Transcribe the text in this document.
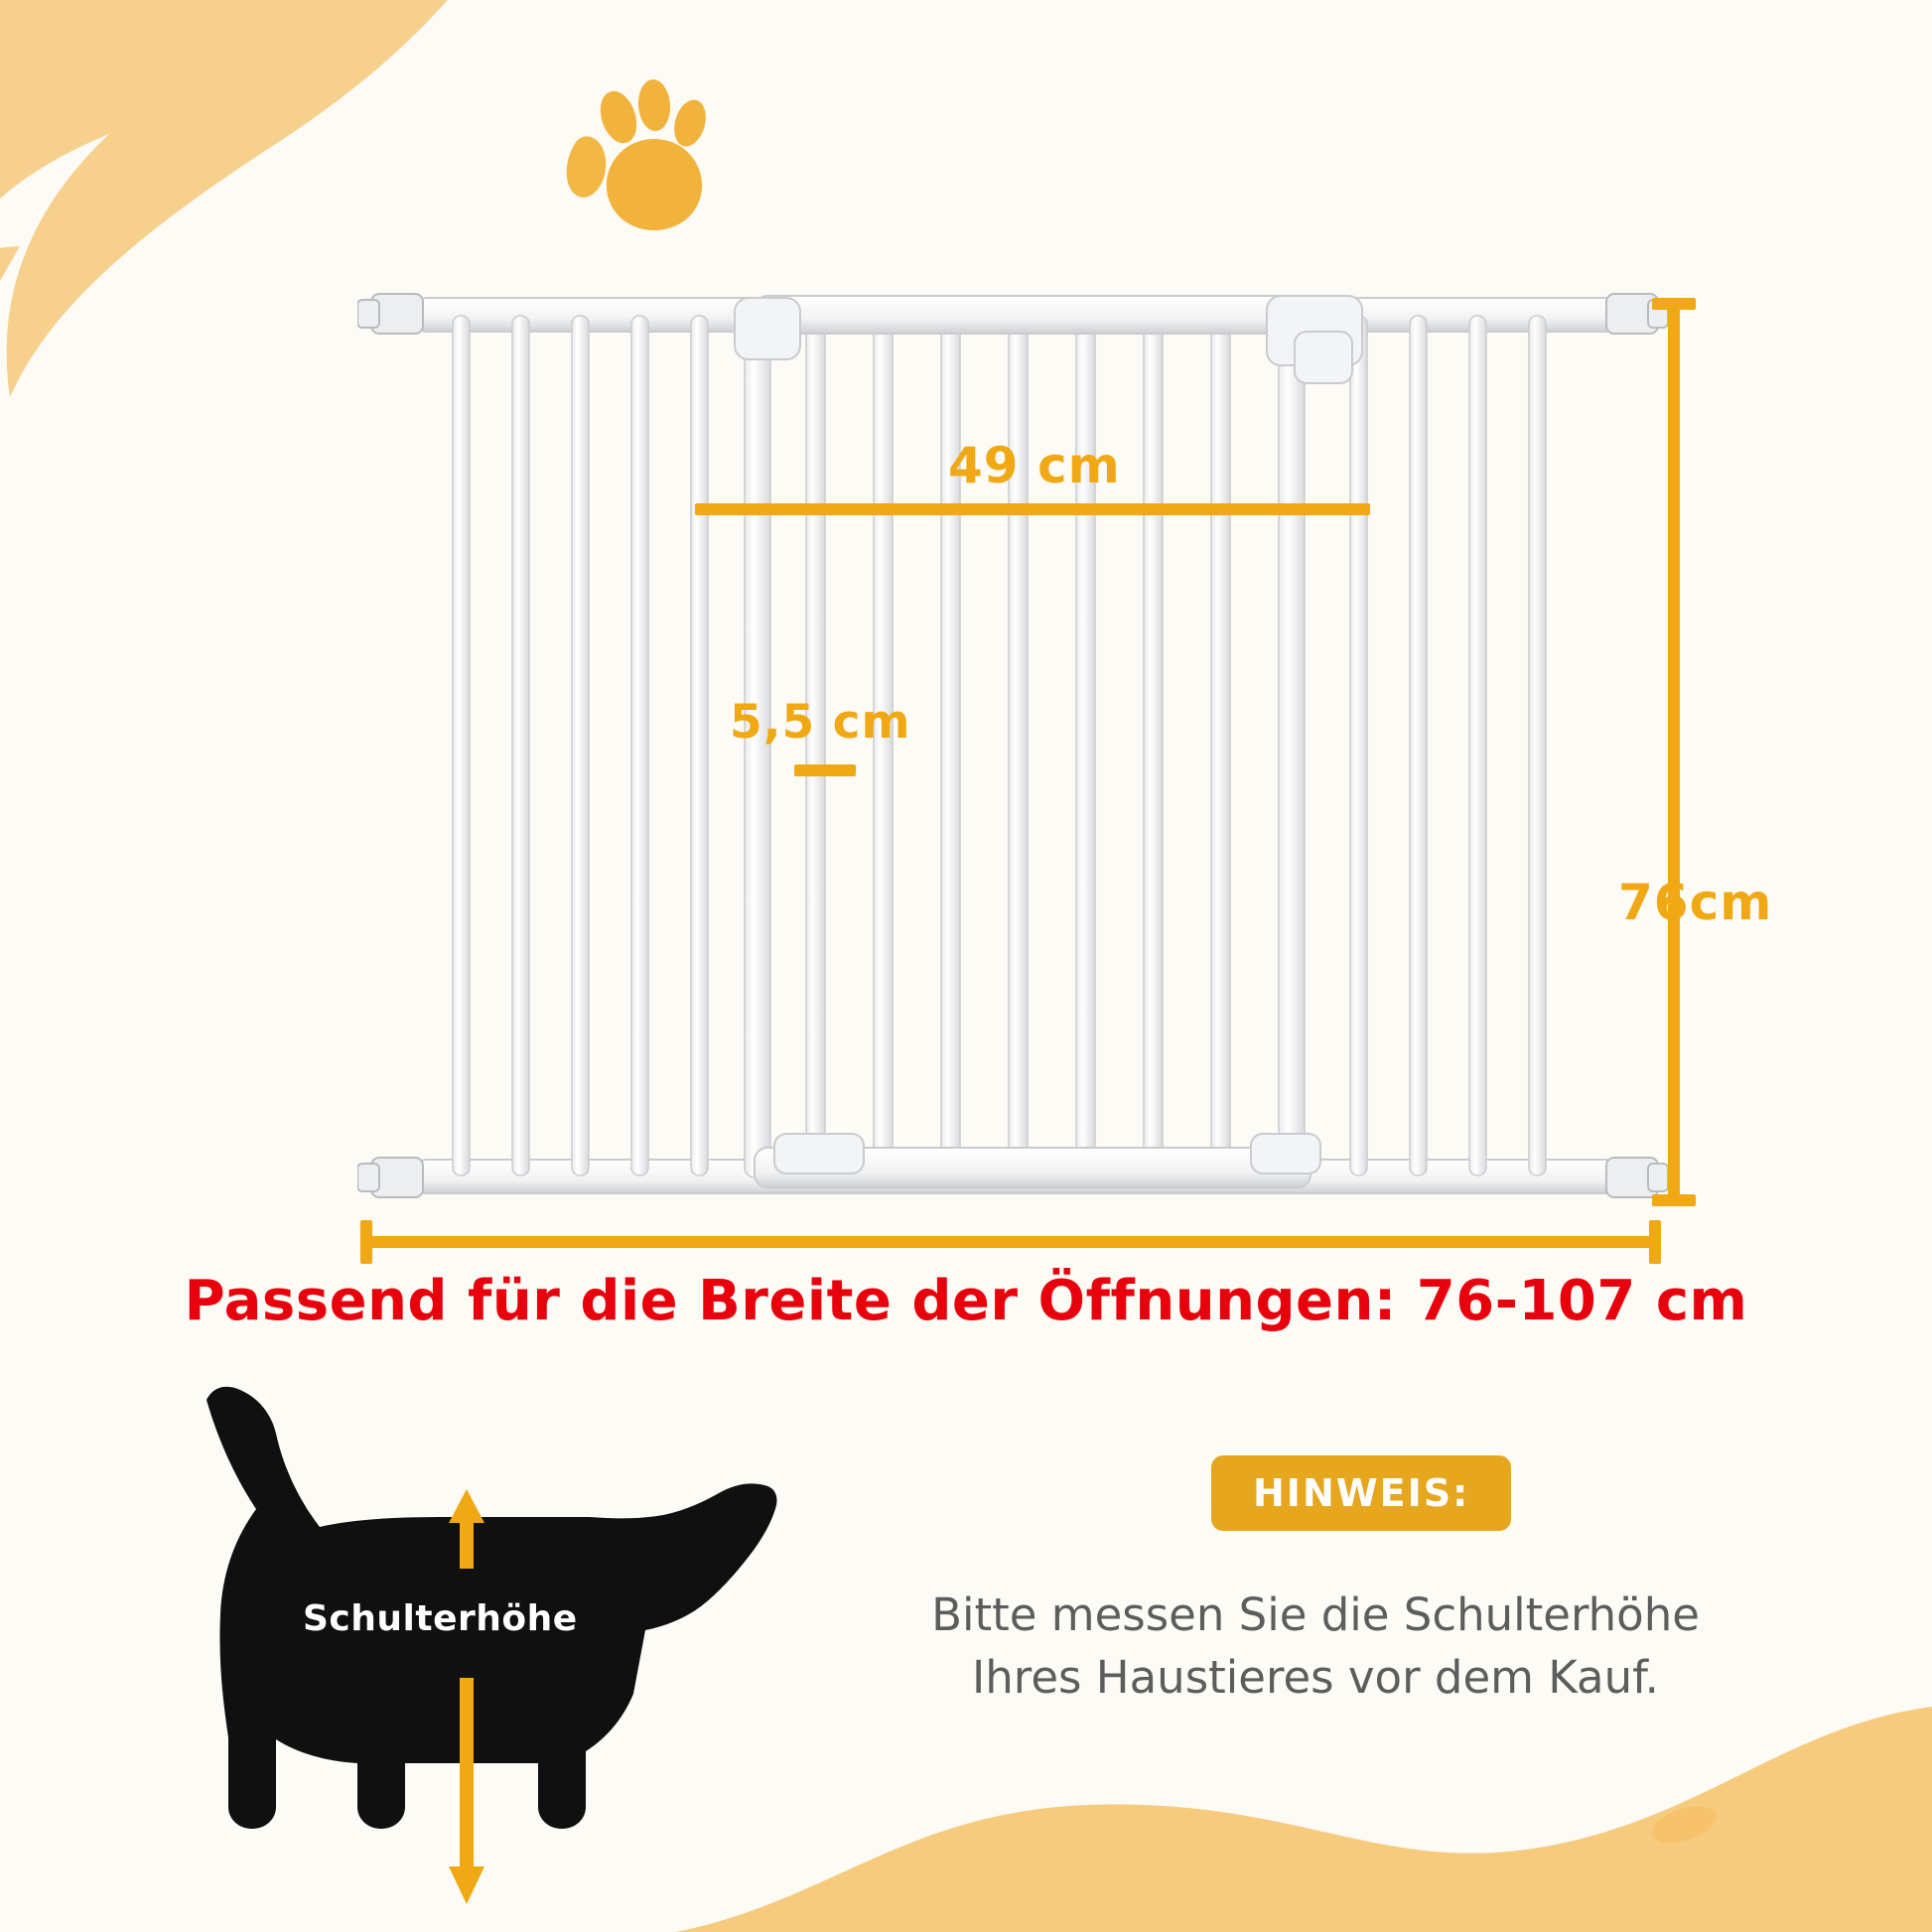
49 cm
5,5 cm
76cm
Passend für die Breite der Öffnungen: 76-107 cm
Schulterhöhe
HINWEIS:
Bitte messen Sie die Schulterhöhe
Ihres Haustieres vor dem Kauf.
